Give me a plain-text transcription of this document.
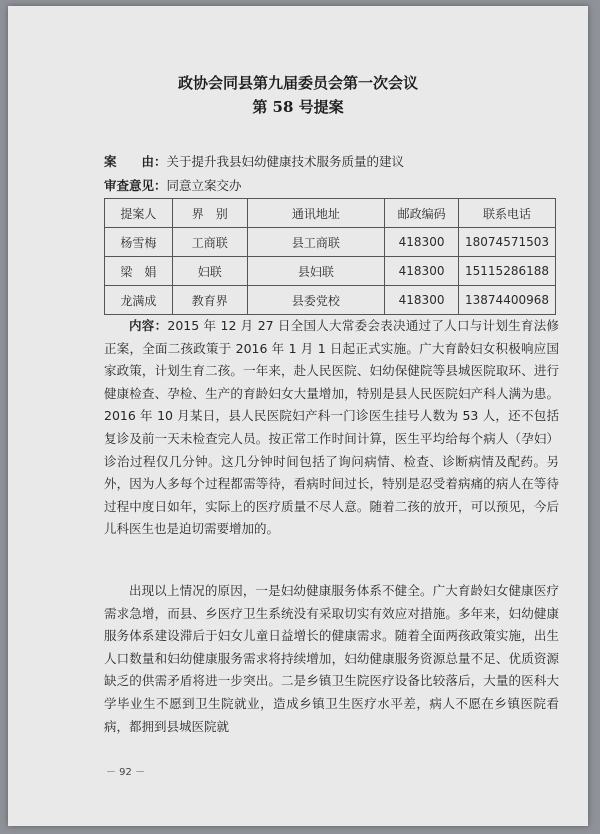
政协会同县第九届委员会第一次会议
第 58 号提案
案　　由：关于提升我县妇幼健康技术服务质量的建议
审查意见：同意立案交办
提案人	界　别	通讯地址	邮政编码	联系电话
杨雪梅	工商联	县工商联	418300	18074571503
梁　娟	妇联	县妇联	418300	15115286188
龙满成	教育界	县委党校	418300	13874400968

内容：2015 年 12 月 27 日全国人大常委会表决通过了人口与计划生育法修正案，全面二孩政策于 2016 年 1 月 1 日起正式实施。广大育龄妇女积极响应国家政策，计划生育二孩。一年来，赴人民医院、妇幼保健院等县城医院取环、进行健康检查、孕检、生产的育龄妇女大量增加，特别是县人民医院妇产科人满为患。2016 年 10 月某日，县人民医院妇产科一门诊医生挂号人数为 53 人，还不包括复诊及前一天未检查完人员。按正常工作时间计算，医生平均给每个病人（孕妇）诊治过程仅几分钟。这几分钟时间包括了询问病情、检查、诊断病情及配药。另外，因为人多每个过程都需等待，看病时间过长，特别是忍受着病痛的病人在等待过程中度日如年，实际上的医疗质量不尽人意。随着二孩的放开，可以预见，今后儿科医生也是迫切需要增加的。

出现以上情况的原因，一是妇幼健康服务体系不健全。广大育龄妇女健康医疗需求急增，而县、乡医疗卫生系统没有采取切实有效应对措施。多年来，妇幼健康服务体系建设滞后于妇女儿童日益增长的健康需求。随着全面两孩政策实施，出生人口数量和妇幼健康服务需求将持续增加，妇幼健康服务资源总量不足、优质资源缺乏的供需矛盾将进一步突出。二是乡镇卫生院医疗设备比较落后，大量的医科大学毕业生不愿到卫生院就业，造成乡镇卫生医疗水平差，病人不愿在乡镇医院看病，都拥到县城医院就

－ 92 －
